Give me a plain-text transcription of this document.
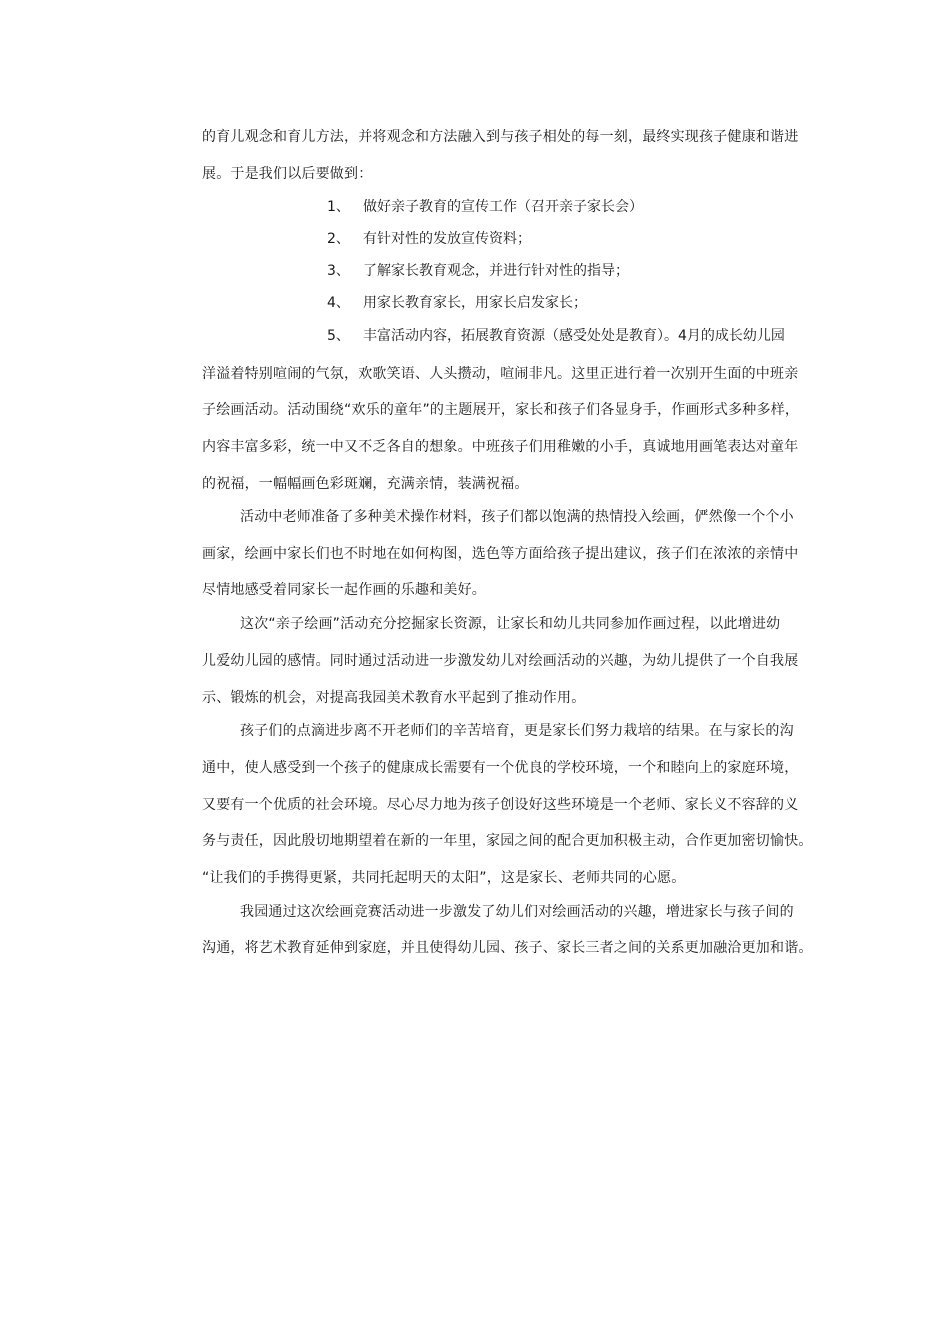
的育儿观念和育儿方法，并将观念和方法融入到与孩子相处的每一刻，最终实现孩子健康和谐进
展。于是我们以后要做到：
1、 做好亲子教育的宣传工作（召开亲子家长会）
2、 有针对性的发放宣传资料；
3、 了解家长教育观念，并进行针对性的指导；
4、 用家长教育家长，用家长启发家长；
5、 丰富活动内容，拓展教育资源（感受处处是教育）。4月的成长幼儿园
洋溢着特别喧闹的气氛，欢歌笑语、人头攒动，喧闹非凡。这里正进行着一次别开生面的中班亲
子绘画活动。活动围绕“欢乐的童年”的主题展开，家长和孩子们各显身手，作画形式多种多样，
内容丰富多彩，统一中又不乏各自的想象。中班孩子们用稚嫩的小手，真诚地用画笔表达对童年
的祝福，一幅幅画色彩斑斓，充满亲情，装满祝福。
活动中老师准备了多种美术操作材料，孩子们都以饱满的热情投入绘画，俨然像一个个小
画家，绘画中家长们也不时地在如何构图，选色等方面给孩子提出建议，孩子们在浓浓的亲情中
尽情地感受着同家长一起作画的乐趣和美好。
这次“亲子绘画”活动充分挖掘家长资源，让家长和幼儿共同参加作画过程，以此增进幼
儿爱幼儿园的感情。同时通过活动进一步激发幼儿对绘画活动的兴趣，为幼儿提供了一个自我展
示、锻炼的机会，对提高我园美术教育水平起到了推动作用。
孩子们的点滴进步离不开老师们的辛苦培育，更是家长们努力栽培的结果。在与家长的沟
通中，使人感受到一个孩子的健康成长需要有一个优良的学校环境，一个和睦向上的家庭环境，
又要有一个优质的社会环境。尽心尽力地为孩子创设好这些环境是一个老师、家长义不容辞的义
务与责任，因此殷切地期望着在新的一年里，家园之间的配合更加积极主动，合作更加密切愉快。
“让我们的手携得更紧，共同托起明天的太阳”，这是家长、老师共同的心愿。
我园通过这次绘画竞赛活动进一步激发了幼儿们对绘画活动的兴趣，增进家长与孩子间的
沟通，将艺术教育延伸到家庭，并且使得幼儿园、孩子、家长三者之间的关系更加融洽更加和谐。
